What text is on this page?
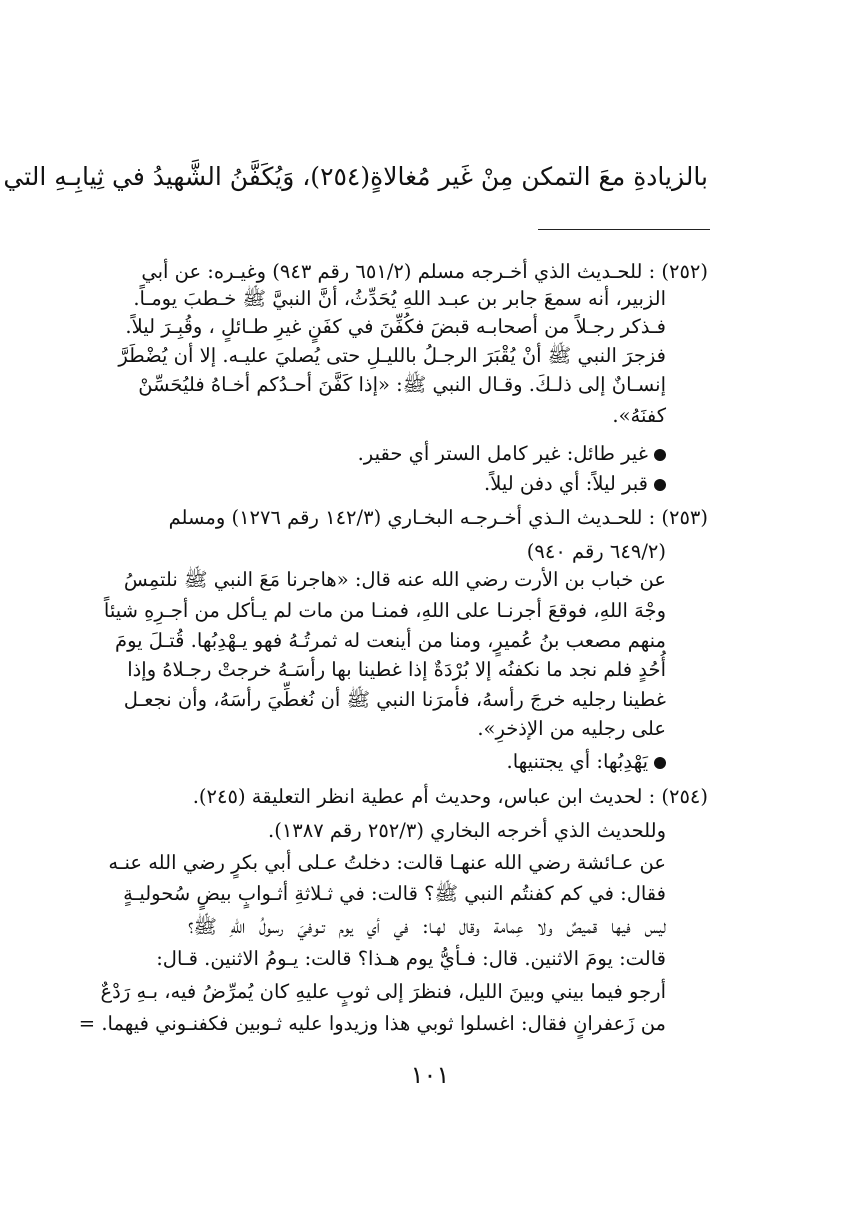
بالزيادةِ معَ التمكن مِنْ غَير مُغالاةٍ(٢٥٤)، وَيُكَفَّنُ الشَّهيدُ في ثِيابِـهِ التي
(٢٥٢) : للحـديث الذي أخـرجه مسلم (٦٥١/٢ رقم ٩٤٣) وغيـره: عن أبي
الزبير، أنه سمعَ جابر بن عبـد اللهِ يُحَدِّثُ، أنَّ النبيَّ ﷺ خـطبَ يومـاً.
فـذكر رجـلاً من أصحابـه قبضَ فكُفِّنَ في كفَنٍ غيرِ طـائلٍ ، وقُبِـرَ ليلاً.
فزجرَ النبي ﷺ أنْ يُقْبَرَ الرجـلُ بالليـلِ حتى يُصليَ عليـه. إلا أن يُضْطَرَّ
إنسـانٌ إلى ذلـكَ. وقـال النبي ﷺ: «إذا كَفَّنَ أحـدُكم أخـاهُ فليُحَسِّنْ
كفنَهُ».
غير طائل: غير كامل الستر أي حقير.
قبر ليلاً: أي دفن ليلاً.
(٢٥٣) : للحـديث الـذي أخـرجـه البخـاري (١٤٢/٣ رقم ١٢٧٦) ومسلم
(٦٤٩/٢ رقم ٩٤٠)
عن خباب بن الأرت رضي الله عنه قال: «هاجرنا مَعَ النبي ﷺ نلتمِسُ
وجْهَ اللهِ، فوقعَ أجرنـا على اللهِ، فمنـا من مات لم يـأكل من أجـرِهِ شيئاً
منهم مصعب بنُ عُميرٍ، ومنا من أينعت له ثمرتُـهُ فهو يـهْدِبُها. قُتـلَ يومَ
أُحُدٍ فلم نجد ما نكفنُه إلا بُرْدَةٌ إذا غطينا بها رأسَـهُ خرجتْ رجـلاهُ وإذا
غطينا رجليه خرجَ رأسهُ، فأمرَنا النبي ﷺ أن نُغطِّيَ رأسَهُ، وأن نجعـل
على رجليه من الإذخرِ».
يَهْدِبُها: أي يجتنيها.
(٢٥٤) : لحديث ابن عباس، وحديث أم عطية انظر التعليقة (٢٤٥).
وللحديث الذي أخرجه البخاري (٢٥٢/٣ رقم ١٣٨٧).
عن عـائشة رضي الله عنهـا قالت: دخلتُ عـلى أبي بكرٍ رضي الله عنـه
فقال: في كم كفنتُم النبي ﷺ؟ قالت: في ثـلاثةِ أثـوابٍ بيضٍ سُحوليـةٍ
ليس فيها قميصٌ ولا عِمامة وقال لهـا: في أي يوم تـوفيَ رسولُ اللهِ ﷺ؟
قالت: يومَ الاثنين. قال: فـأيُّ يوم هـذا؟ قالت: يـومُ الاثنين. قـال:
أرجو فيما بيني وبينَ الليل، فنظرَ إلى ثوبٍ عليهِ كان يُمرِّضُ فيه، بـهِ رَدْعٌ
من زَعفرانٍ فقال: اغسلوا ثوبي هذا وزيدوا عليه ثـوبين فكفنـوني فيهما. =
١٠١
